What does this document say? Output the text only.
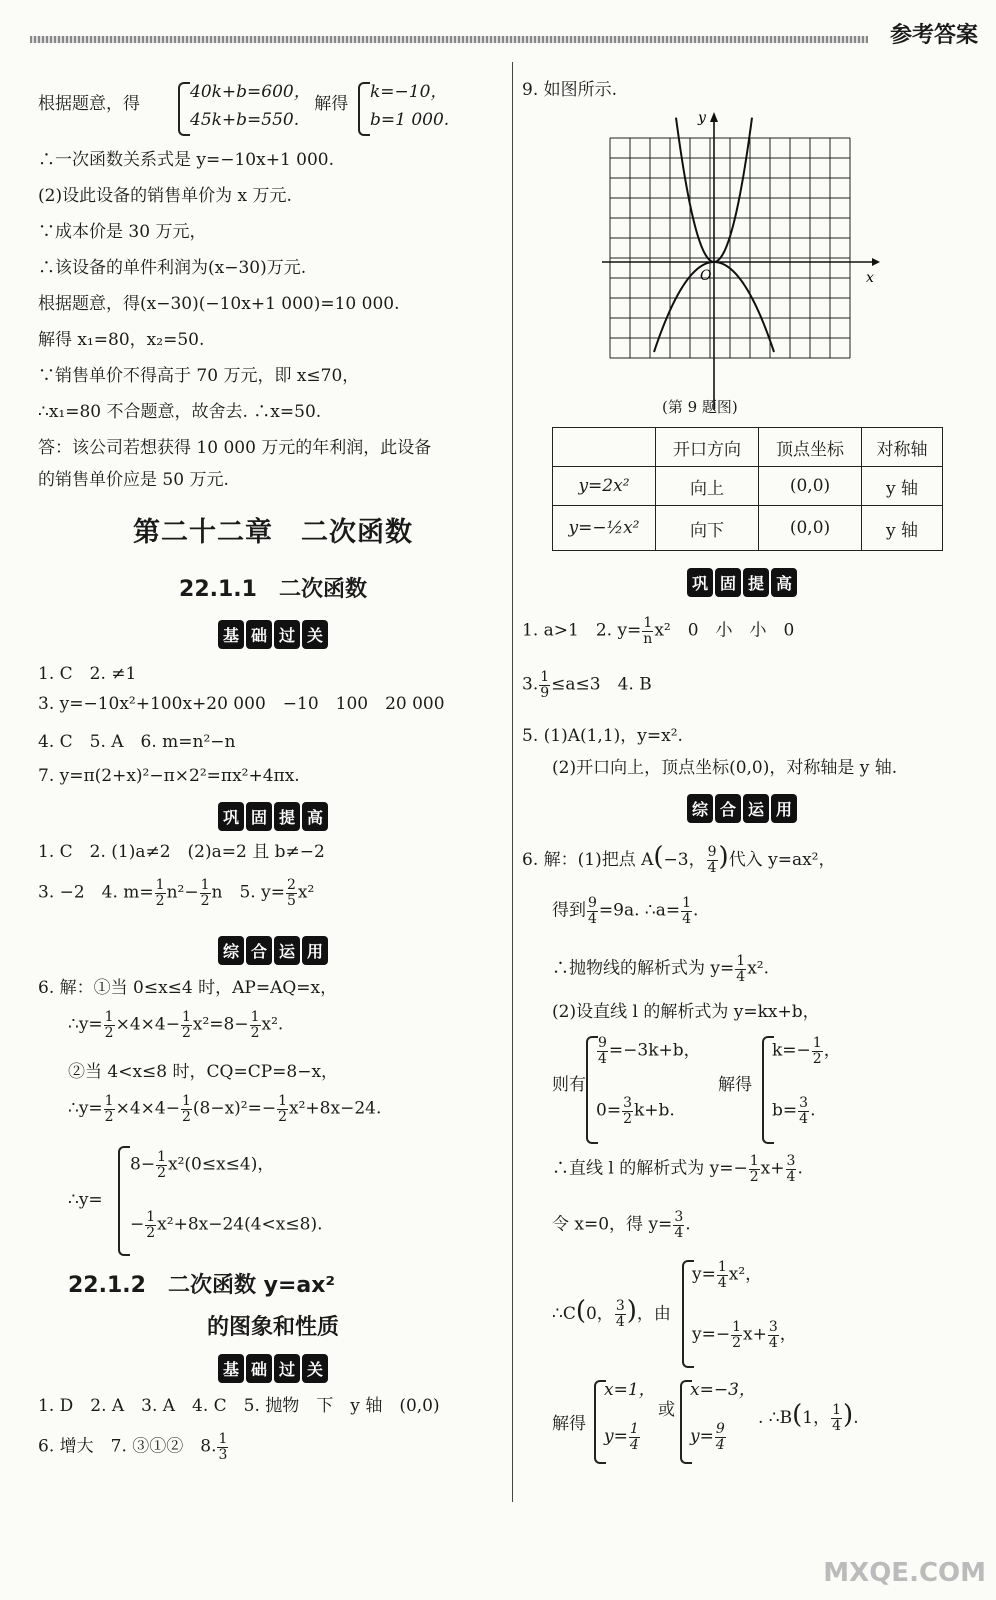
参考答案
根据题意，得	解得
40k+b=600，
45k+b=550.
k=−10，
b=1 000.
∴一次函数关系式是 y=−10x+1 000.
(2)设此设备的销售单价为 x 万元.
∵成本价是 30 万元，
∴该设备的单件利润为(x−30)万元.
根据题意，得(x−30)(−10x+1 000)=10 000.
解得 x₁=80，x₂=50.
∵销售单价不得高于 70 万元，即 x≤70，
∴x₁=80 不合题意，故舍去. ∴x=50.
答：该公司若想获得 10 000 万元的年利润，此设备
的销售单价应是 50 万元.
第二十二章　二次函数
22.1.1　二次函数
基 础 过 关
1. C　2. ≠1
3. y=−10x²+100x+20 000　−10　100　20 000
4. C　5. A　6. m=n²−n
7. y=π(2+x)²−π×2²=πx²+4πx.
巩 固 提 高
1. C　2. (1)a≠2　(2)a=2 且 b≠−2
3. −2　4. $m= \frac{1}{2} n^2- \frac{1}{2}$ n　5. $y= \frac{2}{5} x^2$
综 合 运 用
6. 解：①当 0≤x≤4 时，AP=AQ=x，
∴y= $\frac{1}{2} \times 4\times 4- \frac{1}{2} x^2=8- \frac{1}{2} x^2$.
②当 4<x≤8 时，CQ=CP=8−x，
∴y= $\frac{1}{2} \times 4\times 4- \frac{1}{2} (8-x)^2=- \frac{1}{2} x^2+8x-24$.
∴y=
$8- \frac{1}{2} x^2(0\le x\le 4)$，
− $\frac{1}{2} x^2+8x-24(4<x\le 8)$.
22.1.2　二次函数 y=ax²
的图象和性质
基 础 过 关
1. D　2. A　3. A　4. C　5. 抛物　下　y 轴　(0,0)
6. 增大　7. ③①②　8. $\frac{1}{3}$
9. 如图所示.
x
y
O
(第 9 题图)
	开口方向	顶点坐标	对称轴
y=2x²	向上	(0,0)	y 轴
y=−½x²	向下	(0,0)	y 轴
巩 固 提 高
1. a>1　2. $y= \frac{1}{n} x^2$　0　小　小　0
3. $\frac{1}{9} \le a\le 3$　4. B
5. (1)A(1,1)，y=x².
(2)开口向上，顶点坐标(0,0)，对称轴是 y 轴.
综 合 运 用
6. 解：(1)把点 A(−3， $\frac{9}{4}$ )代入 y=ax²，
得到 $\frac{9}{4} =9a$. ∴a= $\frac{1}{4}$ .
∴抛物线的解析式为 $y= \frac{1}{4} x^2$.
(2)设直线 l 的解析式为 y=kx+b，
则有
$\frac{9}{4} =-3k+b$，
$0= \frac{3}{2} k+b$.
解得
$k=- \frac{1}{2}$ ，
$b= \frac{3}{4}$ .
∴直线 l 的解析式为 $y=- \frac{1}{2} x+ \frac{3}{4}$ .
令 x=0，得 $y= \frac{3}{4}$ .
∴C(0， $\frac{3}{4}$ )，由
$y= \frac{1}{4} x^2$，
$y=- \frac{1}{2} x+ \frac{3}{4}$ ，
解得
x=1，
$y= \frac{1}{4}$
或
x=−3，
$y= \frac{9}{4}$
. ∴B(1， $\frac{1}{4}$ ).
MXQE.COM
